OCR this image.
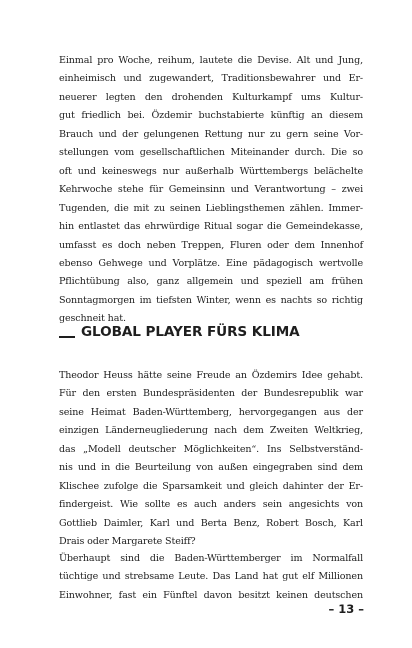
Einmal pro Woche, reihum, lautete die Devise. Alt und Jung,
einheimisch und zugewandert, Traditionsbewahrer und Er-
neuerer legten den drohenden Kulturkampf ums Kultur-
gut friedlich bei. Özdemir buchstabierte künftig an diesem
Brauch und der gelungenen Rettung nur zu gern seine Vor-
stellungen vom gesellschaftlichen Miteinander durch. Die so
oft und keineswegs nur außerhalb Württembergs belächelte
Kehrwoche stehe für Gemeinsinn und Verantwortung – zwei
Tugenden, die mit zu seinen Lieblingsthemen zählen. Immer-
hin entlastet das ehrwürdige Ritual sogar die Gemeindekasse,
umfasst es doch neben Treppen, Fluren oder dem Innenhof
ebenso Gehwege und Vorplätze. Eine pädagogisch wertvolle
Pflichtübung also, ganz allgemein und speziell am frühen
Sonntagmorgen im tiefsten Winter, wenn es nachts so richtig
geschneit hat.
GLOBAL PLAYER FÜRS KLIMA
Theodor Heuss hätte seine Freude an Özdemirs Idee gehabt.
Für den ersten Bundespräsidenten der Bundesrepublik war
seine Heimat Baden-Württemberg, hervorgegangen aus der
einzigen Länderneugliederung nach dem Zweiten Weltkrieg,
das „Modell deutscher Möglichkeiten“. Ins Selbstverständ-
nis und in die Beurteilung von außen eingegraben sind dem
Klischee zufolge die Sparsamkeit und gleich dahinter der Er-
findergeist. Wie sollte es auch anders sein angesichts von
Gottlieb Daimler, Karl und Berta Benz, Robert Bosch, Karl
Drais oder Margarete Steiff?
Überhaupt sind die Baden-Württemberger im Normalfall
tüchtige und strebsame Leute. Das Land hat gut elf Millionen
Einwohner, fast ein Fünftel davon besitzt keinen deutschen
– 13 –
